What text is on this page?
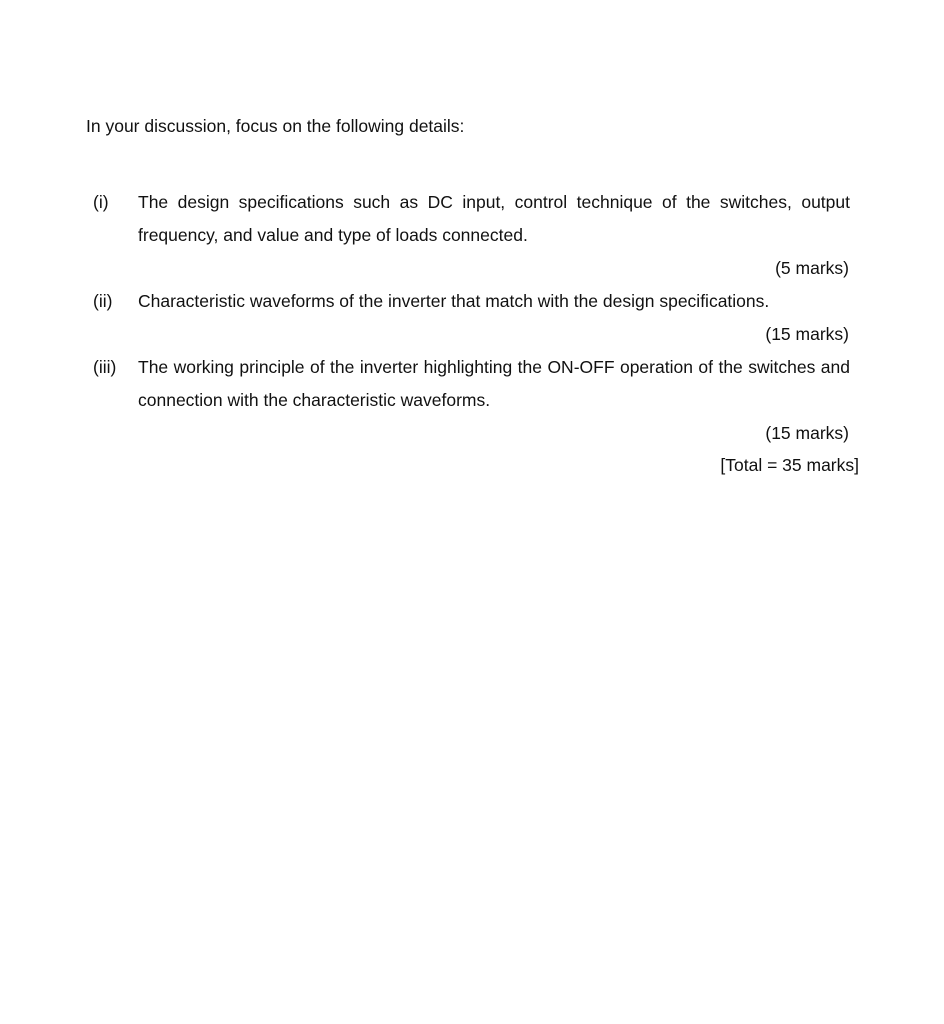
In your discussion, focus on the following details:
(i) The design specifications such as DC input, control technique of the switches, output frequency, and value and type of loads connected.
(5 marks)
(ii) Characteristic waveforms of the inverter that match with the design specifications.
(15 marks)
(iii) The working principle of the inverter highlighting the ON-OFF operation of the switches and connection with the characteristic waveforms.
(15 marks)
[Total = 35 marks]
